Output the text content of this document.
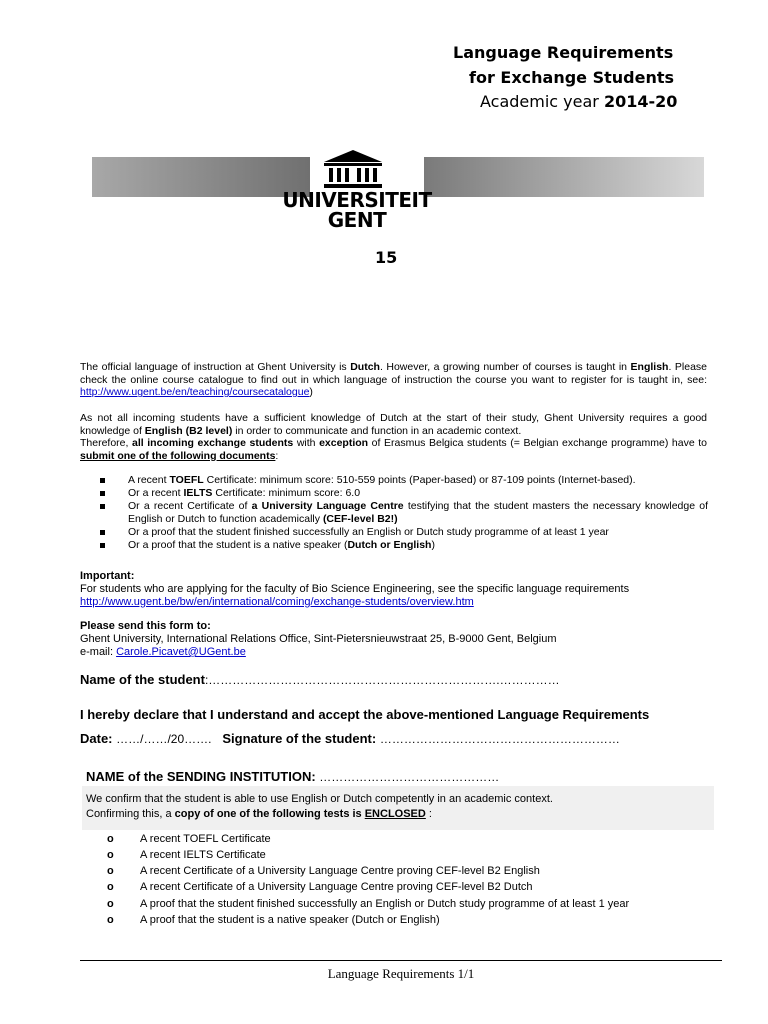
Language Requirements
for Exchange Students
Academic year 2014-20
UNIVERSITEIT
GENT
15
The official language of instruction at Ghent University is Dutch. However, a growing number of courses is taught in English. Please check the online course catalogue to find out in which language of instruction the course you want to register for is taught in, see: http://www.ugent.be/en/teaching/coursecatalogue)
As not all incoming students have a sufficient knowledge of Dutch at the start of their study, Ghent University requires a good knowledge of English (B2 level) in order to communicate and function in an academic context.
Therefore, all incoming exchange students with exception of Erasmus Belgica students (= Belgian exchange programme) have to submit one of the following documents:
A recent TOEFL Certificate: minimum score: 510-559 points (Paper-based) or 87-109 points (Internet-based).
Or a recent IELTS Certificate: minimum score: 6.0
Or a recent Certificate of a University Language Centre testifying that the student masters the necessary knowledge of English or Dutch to function academically (CEF-level B2!)
Or a proof that the student finished successfully an English or Dutch study programme of at least 1 year
Or a proof that the student is a native speaker (Dutch or English)
Important:
For students who are applying for the faculty of Bio Science Engineering, see the specific language requirements
http://www.ugent.be/bw/en/international/coming/exchange-students/overview.htm
Please send this form to:
Ghent University, International Relations Office, Sint-Pietersnieuwstraat 25, B-9000 Gent, Belgium
e-mail: Carole.Picavet@UGent.be
Name of the student:……………………………………………………………….……………
I hereby declare that I understand and accept the above-mentioned Language Requirements
Date: ……/……/20……. Signature of the student: ……………………………………………………
NAME of the SENDING INSTITUTION: ………………………………………
We confirm that the student is able to use English or Dutch competently in an academic context.
Confirming this, a copy of one of the following tests is ENCLOSED :
o A recent TOEFL Certificate
o A recent IELTS Certificate
o A recent Certificate of a University Language Centre proving CEF-level B2 English
o A recent Certificate of a University Language Centre proving CEF-level B2 Dutch
o A proof that the student finished successfully an English or Dutch study programme of at least 1 year
o A proof that the student is a native speaker (Dutch or English)
Language Requirements 1/1
